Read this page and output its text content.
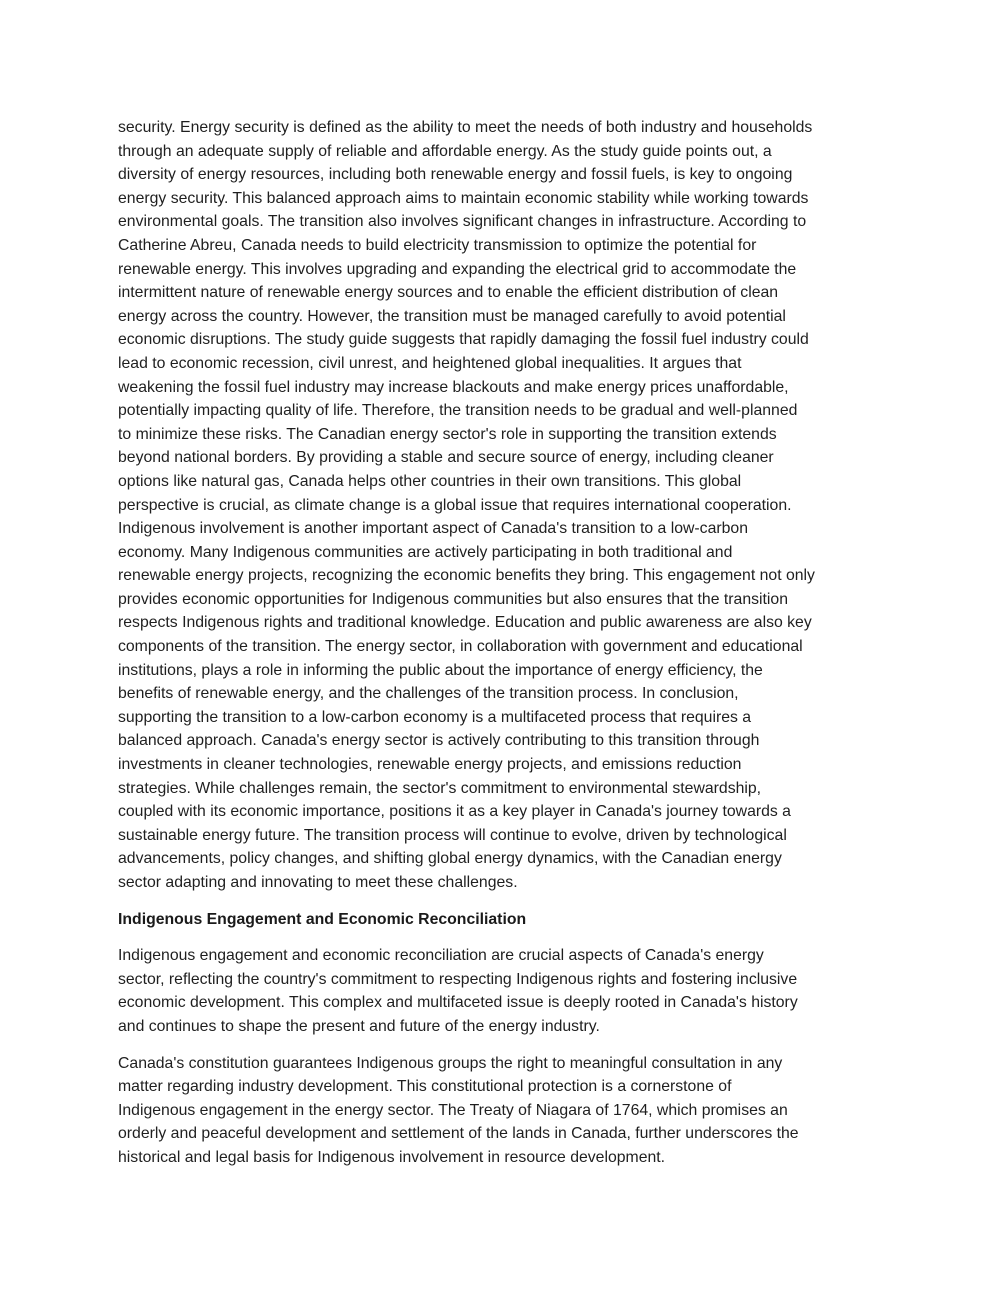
security. Energy security is defined as the ability to meet the needs of both industry and households
through an adequate supply of reliable and affordable energy. As the study guide points out, a
diversity of energy resources, including both renewable energy and fossil fuels, is key to ongoing
energy security. This balanced approach aims to maintain economic stability while working towards
environmental goals. The transition also involves significant changes in infrastructure. According to
Catherine Abreu, Canada needs to build electricity transmission to optimize the potential for
renewable energy. This involves upgrading and expanding the electrical grid to accommodate the
intermittent nature of renewable energy sources and to enable the efficient distribution of clean
energy across the country. However, the transition must be managed carefully to avoid potential
economic disruptions. The study guide suggests that rapidly damaging the fossil fuel industry could
lead to economic recession, civil unrest, and heightened global inequalities. It argues that
weakening the fossil fuel industry may increase blackouts and make energy prices unaffordable,
potentially impacting quality of life. Therefore, the transition needs to be gradual and well-planned
to minimize these risks. The Canadian energy sector's role in supporting the transition extends
beyond national borders. By providing a stable and secure source of energy, including cleaner
options like natural gas, Canada helps other countries in their own transitions. This global
perspective is crucial, as climate change is a global issue that requires international cooperation.
Indigenous involvement is another important aspect of Canada's transition to a low-carbon
economy. Many Indigenous communities are actively participating in both traditional and
renewable energy projects, recognizing the economic benefits they bring. This engagement not only
provides economic opportunities for Indigenous communities but also ensures that the transition
respects Indigenous rights and traditional knowledge. Education and public awareness are also key
components of the transition. The energy sector, in collaboration with government and educational
institutions, plays a role in informing the public about the importance of energy efficiency, the
benefits of renewable energy, and the challenges of the transition process. In conclusion,
supporting the transition to a low-carbon economy is a multifaceted process that requires a
balanced approach. Canada's energy sector is actively contributing to this transition through
investments in cleaner technologies, renewable energy projects, and emissions reduction
strategies. While challenges remain, the sector's commitment to environmental stewardship,
coupled with its economic importance, positions it as a key player in Canada's journey towards a
sustainable energy future. The transition process will continue to evolve, driven by technological
advancements, policy changes, and shifting global energy dynamics, with the Canadian energy
sector adapting and innovating to meet these challenges.

Indigenous Engagement and Economic Reconciliation

Indigenous engagement and economic reconciliation are crucial aspects of Canada's energy
sector, reflecting the country's commitment to respecting Indigenous rights and fostering inclusive
economic development. This complex and multifaceted issue is deeply rooted in Canada's history
and continues to shape the present and future of the energy industry.

Canada's constitution guarantees Indigenous groups the right to meaningful consultation in any
matter regarding industry development. This constitutional protection is a cornerstone of
Indigenous engagement in the energy sector. The Treaty of Niagara of 1764, which promises an
orderly and peaceful development and settlement of the lands in Canada, further underscores the
historical and legal basis for Indigenous involvement in resource development.
